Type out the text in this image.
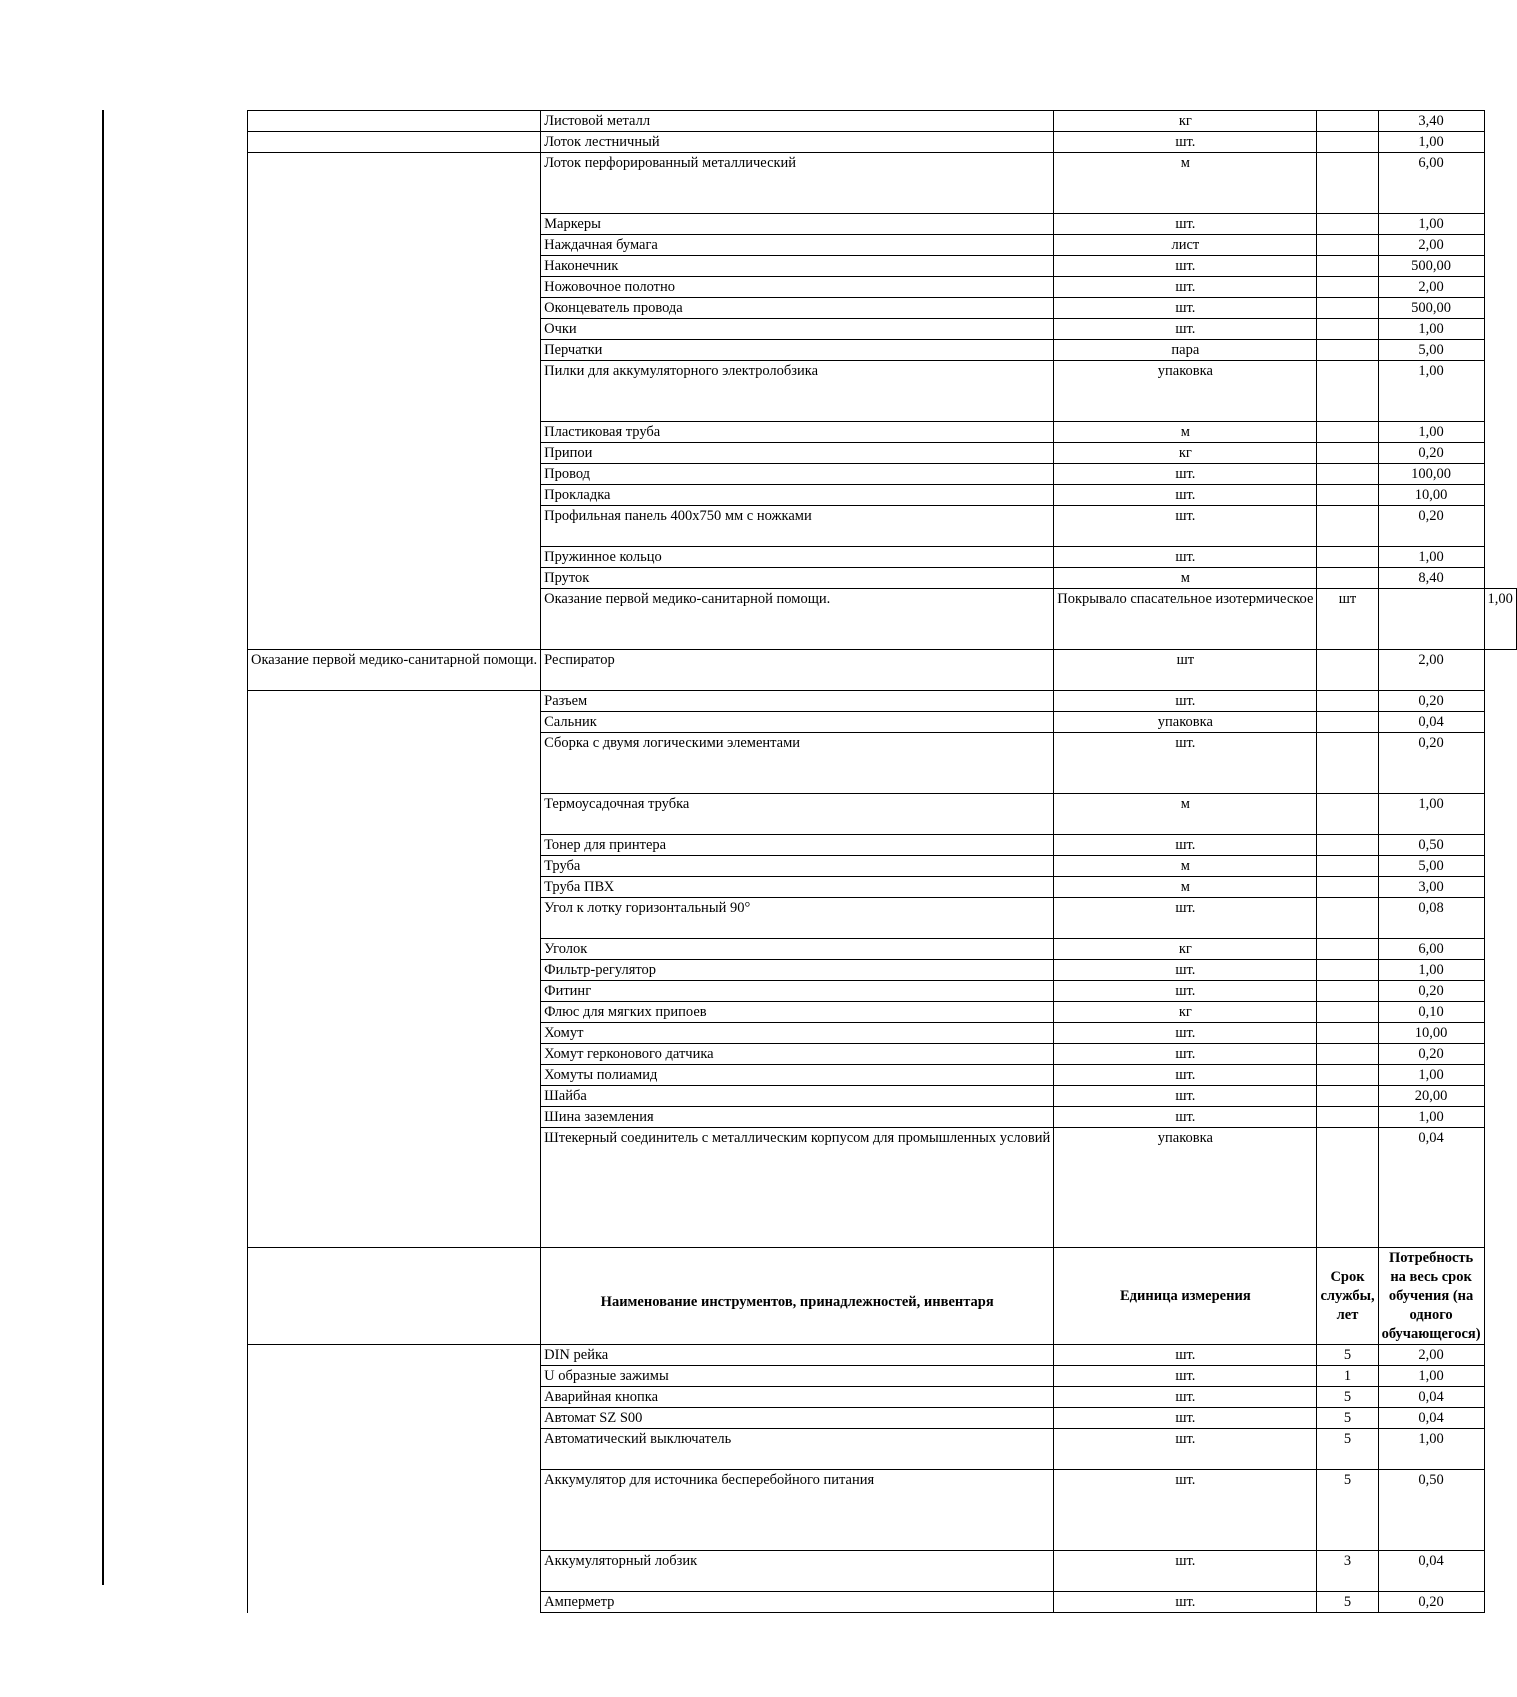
	Листовой металл	кг		3,40	
	Лоток лестничный	шт.		1,00	
	Лоток перфорированный металлический	м		6,00	
	Маркеры	шт.		1,00	
	Наждачная бумага	лист		2,00	
	Наконечник	шт.		500,00	
	Ножовочное полотно	шт.		2,00	
	Оконцеватель провода	шт.		500,00	
	Очки	шт.		1,00	
	Перчатки	пара		5,00	
	Пилки для аккумуляторного электролобзика	упаковка		1,00	
	Пластиковая труба	м		1,00	
	Припои	кг		0,20	
	Провод	шт.		100,00	
	Прокладка	шт.		10,00	
	Профильная панель 400x750 мм с ножками	шт.		0,20	
	Пружинное кольцо	шт.		1,00	
	Пруток	м		8,40	
	Оказание первой медико-санитарной помощи.	Покрывало спасательное изотермическое	шт		1,00
Оказание первой медико-санитарной помощи.	Респиратор	шт		2,00	
	Разъем	шт.		0,20	
	Сальник	упаковка		0,04	
	Сборка с двумя логическими элементами	шт.		0,20	
	Термоусадочная трубка	м		1,00	
	Тонер для принтера	шт.		0,50	
	Труба	м		5,00	
	Труба ПВХ	м		3,00	
	Угол к лотку горизонтальный 90°	шт.		0,08	
	Уголок	кг		6,00	
	Фильтр-регулятор	шт.		1,00	
	Фитинг	шт.		0,20	
	Флюс для мягких припоев	кг		0,10	
	Хомут	шт.		10,00	
	Хомут герконового датчика	шт.		0,20	
	Хомуты полиамид	шт.		1,00	
	Шайба	шт.		20,00	
	Шина заземления	шт.		1,00	
	Штекерный соединитель с металлическим корпусом для промышленных условий	упаковка		0,04	
	Наименование инструментов, принадлежностей, инвентаря	Единица измерения	Срок службы, лет	Потребность на весь срок обучения (на одного обучающегося)	
	DIN рейка	шт.	5	2,00	
	U образные зажимы	шт.	1	1,00	
	Аварийная кнопка	шт.	5	0,04	
	Автомат SZ S00	шт.	5	0,04	
	Автоматический выключатель	шт.	5	1,00	
	Аккумулятор для источника бесперебойного питания	шт.	5	0,50	
	Аккумуляторный лобзик	шт.	3	0,04	
	Амперметр	шт.	5	0,20	
